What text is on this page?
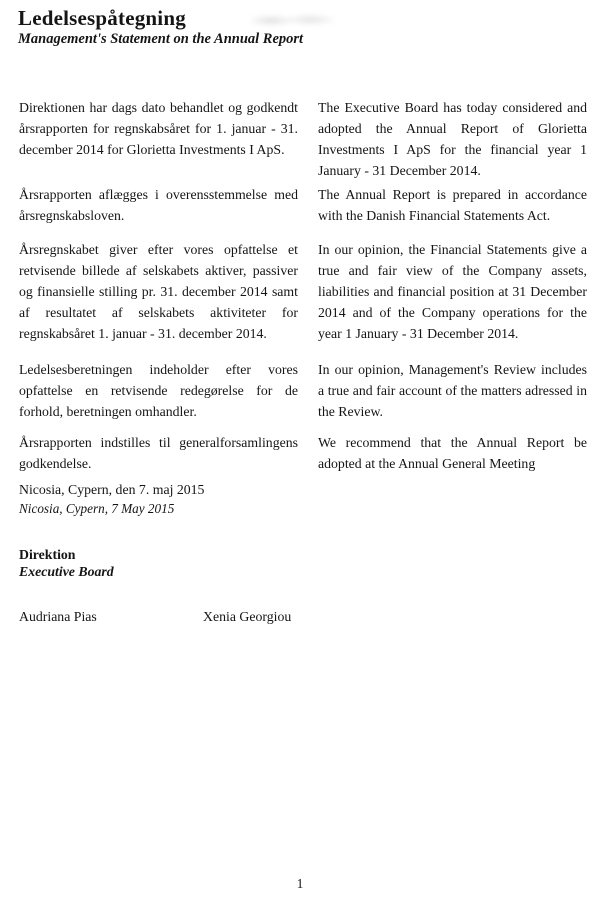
Ledelsespåtegning
Management's Statement on the Annual Report

Direktionen har dags dato behandlet og godkendt årsrapporten for regnskabsåret for 1. januar - 31. december 2014 for Glorietta Investments I ApS.

The Executive Board has today considered and adopted the Annual Report of Glorietta Investments I ApS for the financial year 1 January - 31 December 2014.

Årsrapporten aflægges i overensstemmelse med årsregnskabsloven.

The Annual Report is prepared in accordance with the Danish Financial Statements Act.

Årsregnskabet giver efter vores opfattelse et retvisende billede af selskabets aktiver, passiver og finansielle stilling pr. 31. december 2014 samt af resultatet af selskabets aktiviteter for regnskabsåret 1. januar - 31. december 2014.

In our opinion, the Financial Statements give a true and fair view of the Company assets, liabilities and financial position at 31 December 2014 and of the Company operations for the year 1 January - 31 December 2014.

Ledelsesberetningen indeholder efter vores opfattelse en retvisende redegørelse for de forhold, beretningen omhandler.

In our opinion, Management's Review includes a true and fair account of the matters adressed in the Review.

Årsrapporten indstilles til generalforsamlingens godkendelse.

We recommend that the Annual Report be adopted at the Annual General Meeting

Nicosia, Cypern, den 7. maj 2015

Nicosia, Cypern, 7 May 2015

Direktion

Executive Board

Audriana Pias	Xenia Georgiou

1
